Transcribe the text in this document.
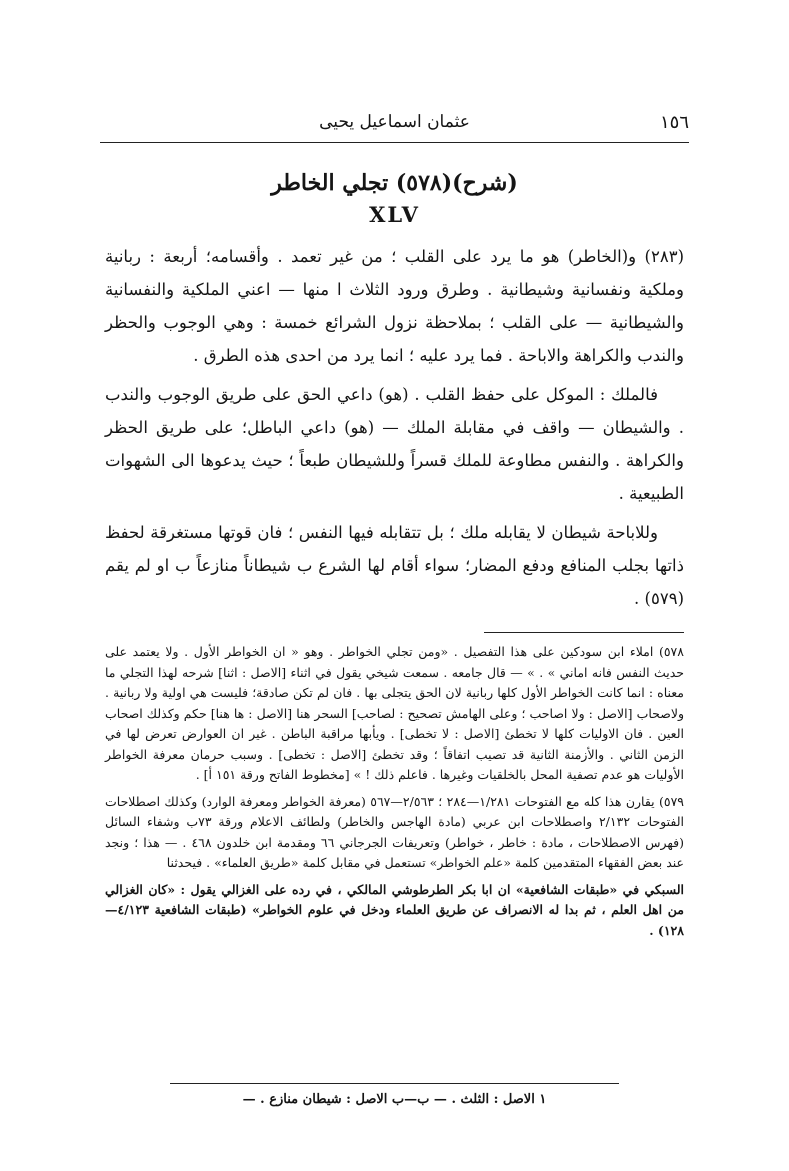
١٥٦
عثمان اسماعيل يحيى
(شرح)(٥٧٨) تجلي الخاطر
XLV

(٢٨٣) و(الخاطر) هو ما يرد على القلب ؛ من غير تعمد . وأقسامه؛ أربعة : ربانية وملكية ونفسانية وشيطانية . وطرق ورود الثلاث ا منها — اعني الملكية والنفسانية والشيطانية — على القلب ؛ بملاحظة نزول الشرائع خمسة : وهي الوجوب والحظر والندب والكراهة والاباحة . فما يرد عليه ؛ انما يرد من احدى هذه الطرق .

فالملك : الموكل على حفظ القلب . (هو) داعي الحق على طريق الوجوب والندب . والشيطان — واقف في مقابلة الملك — (هو) داعي الباطل؛ على طريق الحظر والكراهة . والنفس مطاوعة للملك قسراً وللشيطان طبعاً ؛ حيث يدعوها الى الشهوات الطبيعية .

وللاباحة شيطان لا يقابله ملك ؛ بل تتقابله فيها النفس ؛ فان قوتها مستغرقة لحفظ ذاتها بجلب المنافع ودفع المضار؛ سواء أقام لها الشرع ب شيطاناً منازعاً ب او لم يقم (٥٧٩) .

٥٧٨) املاء ابن سودكين على هذا التفصيل . «ومن تجلي الخواطر . وهو « ان الخواطر الأول . ولا يعتمد على حديث النفس فانه اماني » . » — قال جامعه . سمعت شيخي يقول في اثناء [الاصل : اثنا] شرحه لهذا التجلي ما معناه : انما كانت الخواطر الأول كلها ربانية لان الحق يتجلى بها . فان لم تكن صادقة؛ فليست هي اولية ولا ربانية . ولاصحاب [الاصل : ولا اصاحب ؛ وعلى الهامش تصحيح : لصاحب] السحر هنا [الاصل : ها هنا] حكم وكذلك اصحاب العين . فان الاوليات كلها لا تخطئ [الاصل : لا تخطى] . ويأبها مراقبة الباطن . غير ان العوارض تعرض لها في الزمن الثاني . والأزمنة الثانية قد تصيب اتفاقاً ؛ وقد تخطئ [الاصل : تخطى] . وسبب حرمان معرفة الخواطر الأوليات هو عدم تصفية المحل بالخلقيات وغيرها . فاعلم ذلك ! » [مخطوط الفاتح ورقة ١٥١ أ] .

٥٧٩) يقارن هذا كله مع الفتوحات ١/٢٨١—٢٨٤ ؛ ٢/٥٦٣—٥٦٧ (معرفة الخواطر ومعرفة الوارد) وكذلك اصطلاحات الفتوحات ٢/١٣٢ واصطلاحات ابن عربي (مادة الهاجس والخاطر) ولطائف الاعلام ورقة ٧٣ب وشفاء السائل (فهرس الاصطلاحات ، مادة : خاطر ، خواطر) وتعريفات الجرجاني ٦٦ ومقدمة ابن خلدون ٤٦٨ . — هذا ؛ ونجد عند بعض الفقهاء المتقدمين كلمة «علم الخواطر» تستعمل في مقابل كلمة «طريق العلماء» . فيحدثنا

السبكي في «طبقات الشافعية» ان ابا بكر الطرطوشي المالكي ، في رده على الغزالي يقول : «كان الغزالي من اهل العلم ، ثم بدا له الانصراف عن طريق العلماء ودخل في علوم الخواطر» (طبقات الشافعية ٤/١٢٣—١٢٨) .

١ الاصل : الثلث . — ب—ب الاصل : شيطان منازع . —
